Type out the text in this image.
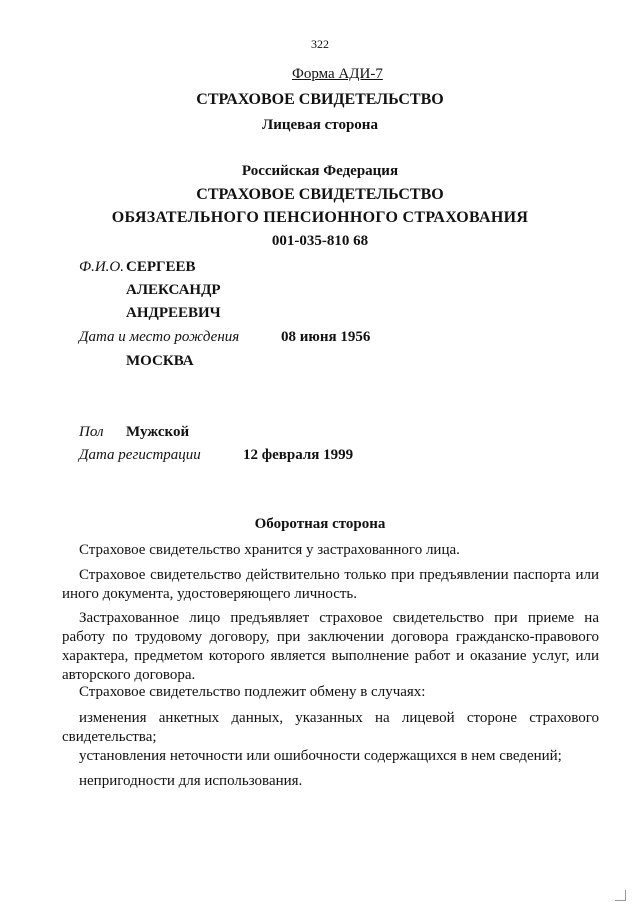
322
Форма АДИ-7
СТРАХОВОЕ СВИДЕТЕЛЬСТВО
Лицевая сторона
Российская Федерация
СТРАХОВОЕ СВИДЕТЕЛЬСТВО
ОБЯЗАТЕЛЬНОГО ПЕНСИОННОГО СТРАХОВАНИЯ
001-035-810 68
Ф.И.О. СЕРГЕЕВ
АЛЕКСАНДР
АНДРЕЕВИЧ
Дата и место рождения	08 июня 1956
МОСКВА
Пол Мужской
Дата регистрации	12 февраля 1999
Оборотная сторона
Страховое свидетельство хранится у застрахованного лица.
Страховое свидетельство действительно только при предъявлении паспорта или иного документа, удостоверяющего личность.
Застрахованное лицо предъявляет страховое свидетельство при приеме на работу по трудовому договору, при заключении договора гражданско-правового характера, предметом которого является выполнение работ и оказание услуг, или авторского договора.
Страховое свидетельство подлежит обмену в случаях:
изменения анкетных данных, указанных на лицевой стороне страхового свидетельства;
установления неточности или ошибочности содержащихся в нем сведений;
непригодности для использования.
